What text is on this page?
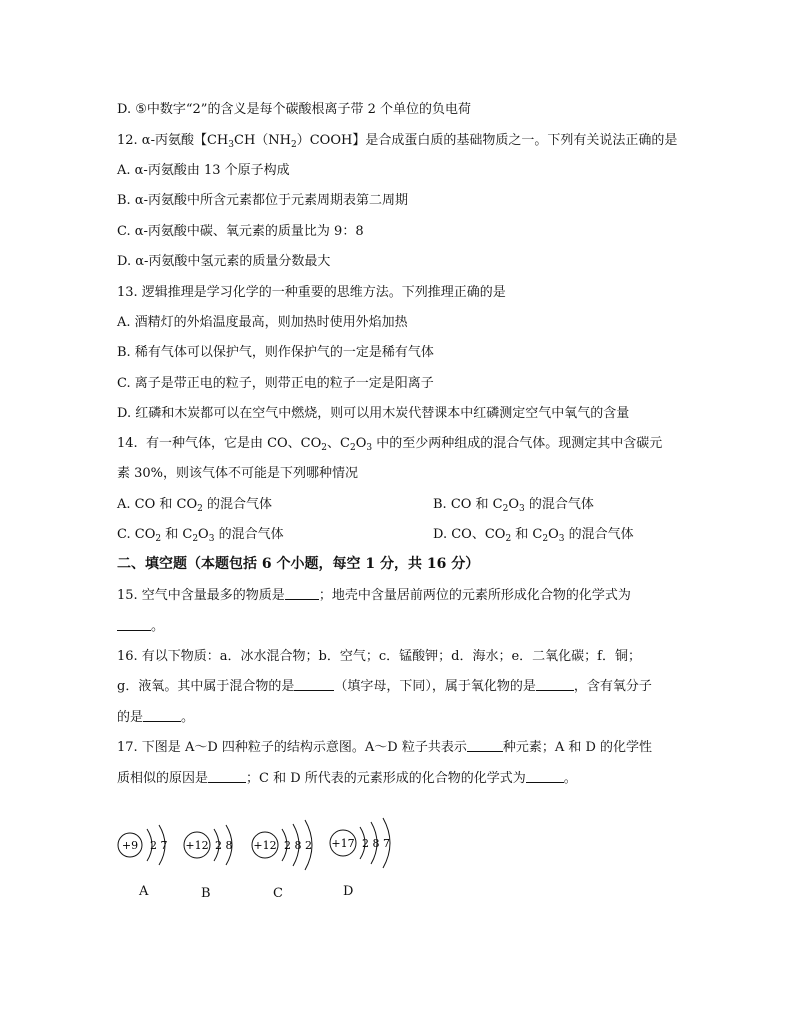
D. ⑤中数字“2”的含义是每个碳酸根离子带 2 个单位的负电荷
12. α-丙氨酸【$CH_3CH(NH_2)COOH$】是合成蛋白质的基础物质之一。下列有关说法正确的是
A. α-丙氨酸由 13 个原子构成
B. α-丙氨酸中所含元素都位于元素周期表第二周期
C. α-丙氨酸中碳、氧元素的质量比为 9：8
D. α-丙氨酸中氢元素的质量分数最大
13. 逻辑推理是学习化学的一种重要的思维方法。下列推理正确的是
A. 酒精灯的外焰温度最高，则加热时使用外焰加热
B. 稀有气体可以保护气，则作保护气的一定是稀有气体
C. 离子是带正电的粒子，则带正电的粒子一定是阳离子
D. 红磷和木炭都可以在空气中燃烧，则可以用木炭代替课本中红磷测定空气中氧气的含量
14.  有一种气体，它是由 CO、$CO_2$、$C_2O_3$ 中的至少两种组成的混合气体。现测定其中含碳元
素 30%，则该气体不可能是下列哪种情况
A. CO 和 $CO_2$ 的混合气体	B. CO 和 $C_2O_3$ 的混合气体
C. $CO_2$ 和 $C_2O_3$ 的混合气体	D. CO、$CO_2$ 和 $C_2O_3$ 的混合气体
二、填空题（本题包括 6 个小题，每空 1 分，共 16 分）
15. 空气中含量最多的物质是	；地壳中含量居前两位的元素所形成化合物的化学式为
。
16. 有以下物质：a．冰水混合物；b．空气；c．锰酸钾；d．海水；e．二氧化碳；f．铜；
g．液氧。其中属于混合物的是	（填字母，下同），属于氧化物的是	，含有氧分子
的是	。
17. 下图是 A～D 四种粒子的结构示意图。A～D 粒子共表示	种元素；A 和 D 的化学性
质相似的原因是	；C 和 D 所代表的元素形成的化合物的化学式为	。
+9 2 7
A
+12 2 8
B
+12 2 8 2
C
+17 2 8 7
D
